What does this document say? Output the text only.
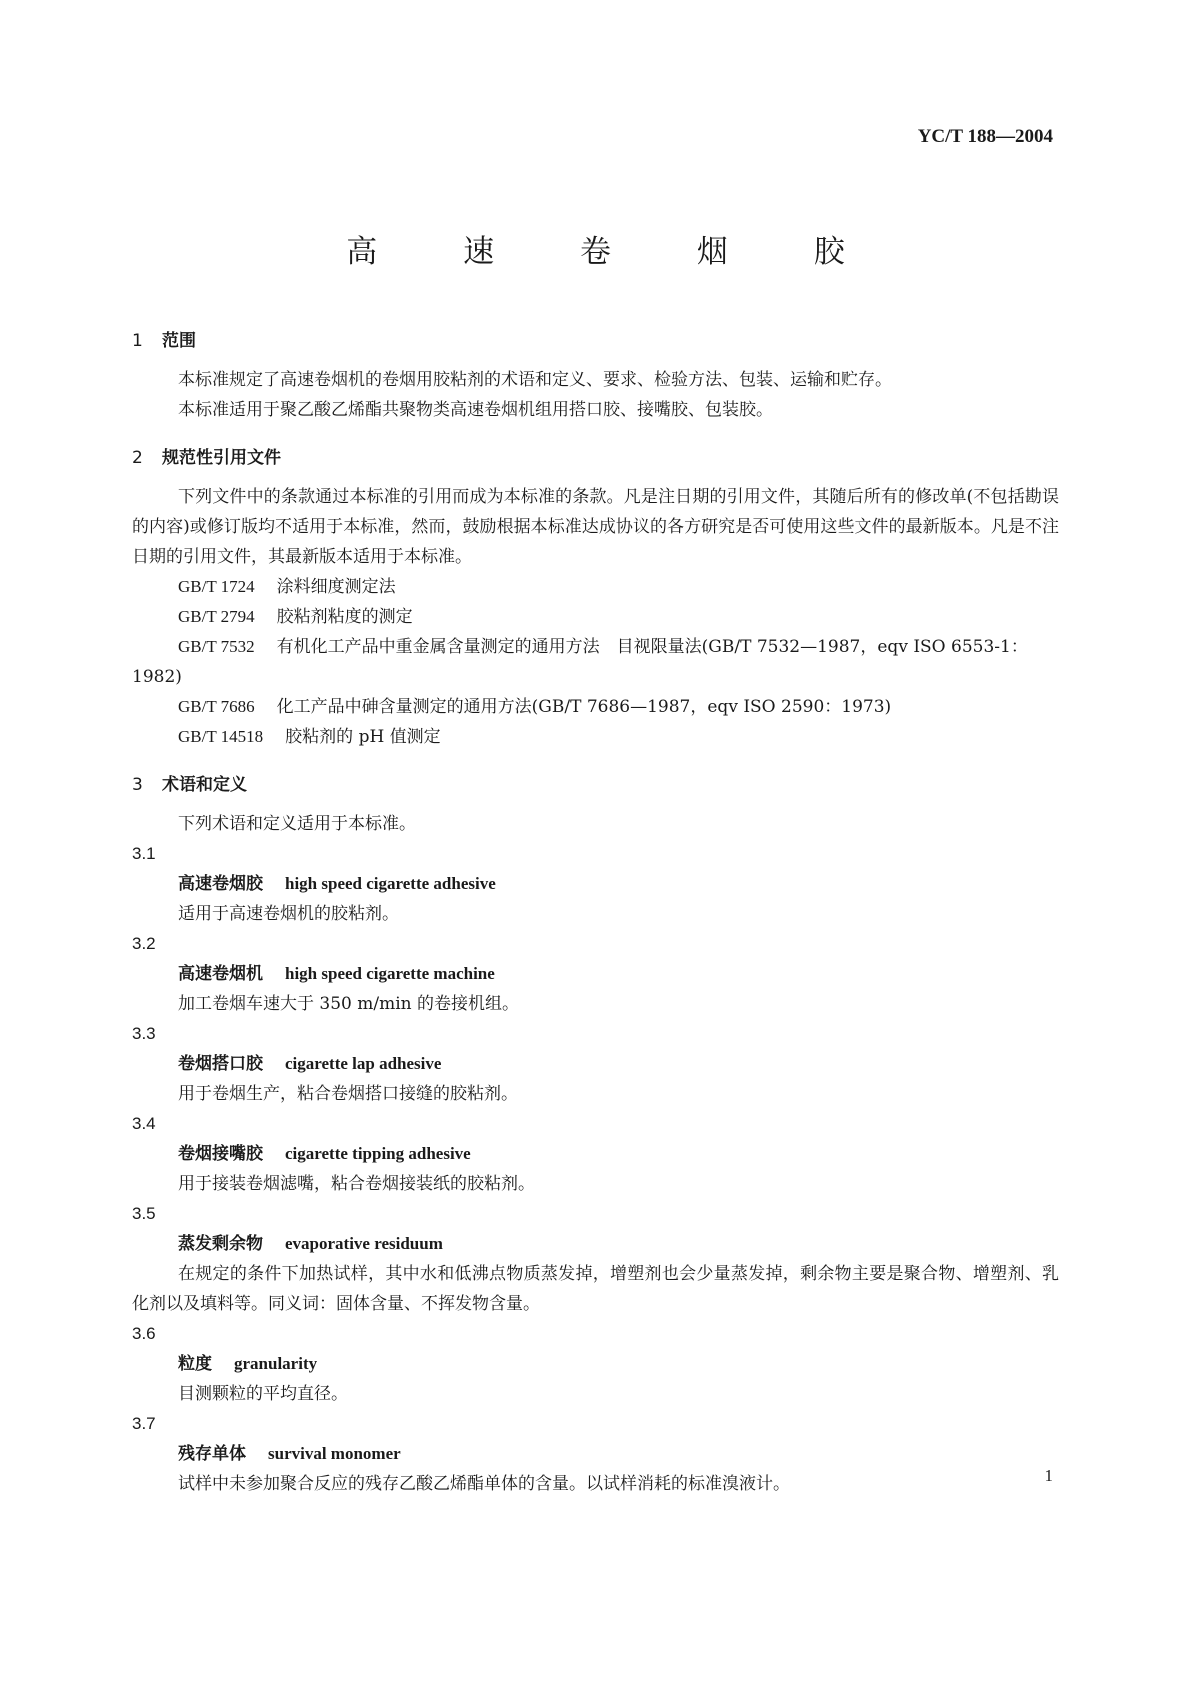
YC/T 188—2004
高 速 卷 烟 胶

1 范围

本标准规定了高速卷烟机的卷烟用胶粘剂的术语和定义、要求、检验方法、包装、运输和贮存。

本标准适用于聚乙酸乙烯酯共聚物类高速卷烟机组用搭口胶、接嘴胶、包装胶。

2 规范性引用文件

下列文件中的条款通过本标准的引用而成为本标准的条款。凡是注日期的引用文件，其随后所有的修改单(不包括勘误的内容)或修订版均不适用于本标准，然而，鼓励根据本标准达成协议的各方研究是否可使用这些文件的最新版本。凡是不注日期的引用文件，其最新版本适用于本标准。

GB/T 1724 涂料细度测定法

GB/T 2794 胶粘剂粘度的测定

GB/T 7532 有机化工产品中重金属含量测定的通用方法　目视限量法(GB/T 7532—1987，eqv ISO 6553-1：1982)

GB/T 7686 化工产品中砷含量测定的通用方法(GB/T 7686—1987，eqv ISO 2590：1973)

GB/T 14518 胶粘剂的 pH 值测定

3 术语和定义

下列术语和定义适用于本标准。

3.1

高速卷烟胶 high speed cigarette adhesive

适用于高速卷烟机的胶粘剂。

3.2

高速卷烟机 high speed cigarette machine

加工卷烟车速大于 350 m/min 的卷接机组。

3.3

卷烟搭口胶 cigarette lap adhesive

用于卷烟生产，粘合卷烟搭口接缝的胶粘剂。

3.4

卷烟接嘴胶 cigarette tipping adhesive

用于接装卷烟滤嘴，粘合卷烟接装纸的胶粘剂。

3.5

蒸发剩余物 evaporative residuum

在规定的条件下加热试样，其中水和低沸点物质蒸发掉，增塑剂也会少量蒸发掉，剩余物主要是聚合物、增塑剂、乳化剂以及填料等。同义词：固体含量、不挥发物含量。

3.6

粒度 granularity

目测颗粒的平均直径。

3.7

残存单体 survival monomer

试样中未参加聚合反应的残存乙酸乙烯酯单体的含量。以试样消耗的标准溴液计。	1
